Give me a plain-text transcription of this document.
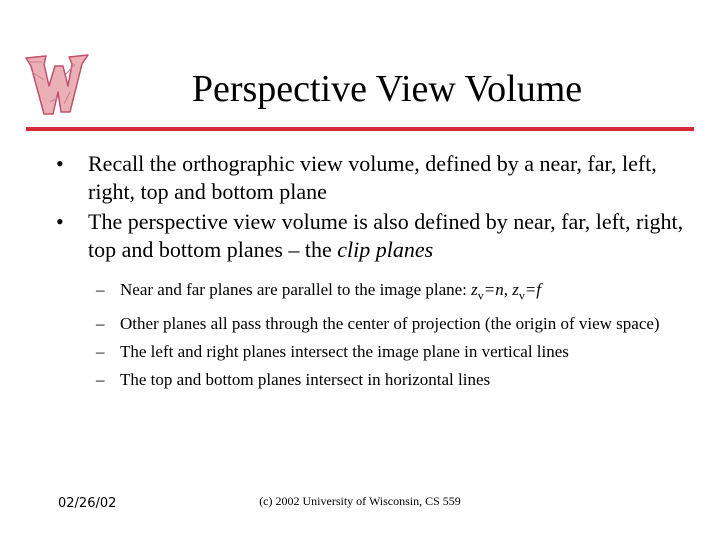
Perspective View Volume
• Recall the orthographic view volume, defined by a near, far, left, right, top and bottom plane
• The perspective view volume is also defined by near, far, left, right, top and bottom planes – the clip planes
– Near and far planes are parallel to the image plane: $z_v=n$, $z_v=f$
– Other planes all pass through the center of projection (the origin of view space)
– The left and right planes intersect the image plane in vertical lines
– The top and bottom planes intersect in horizontal lines
02/26/02	(c) 2002 University of Wisconsin, CS 559
